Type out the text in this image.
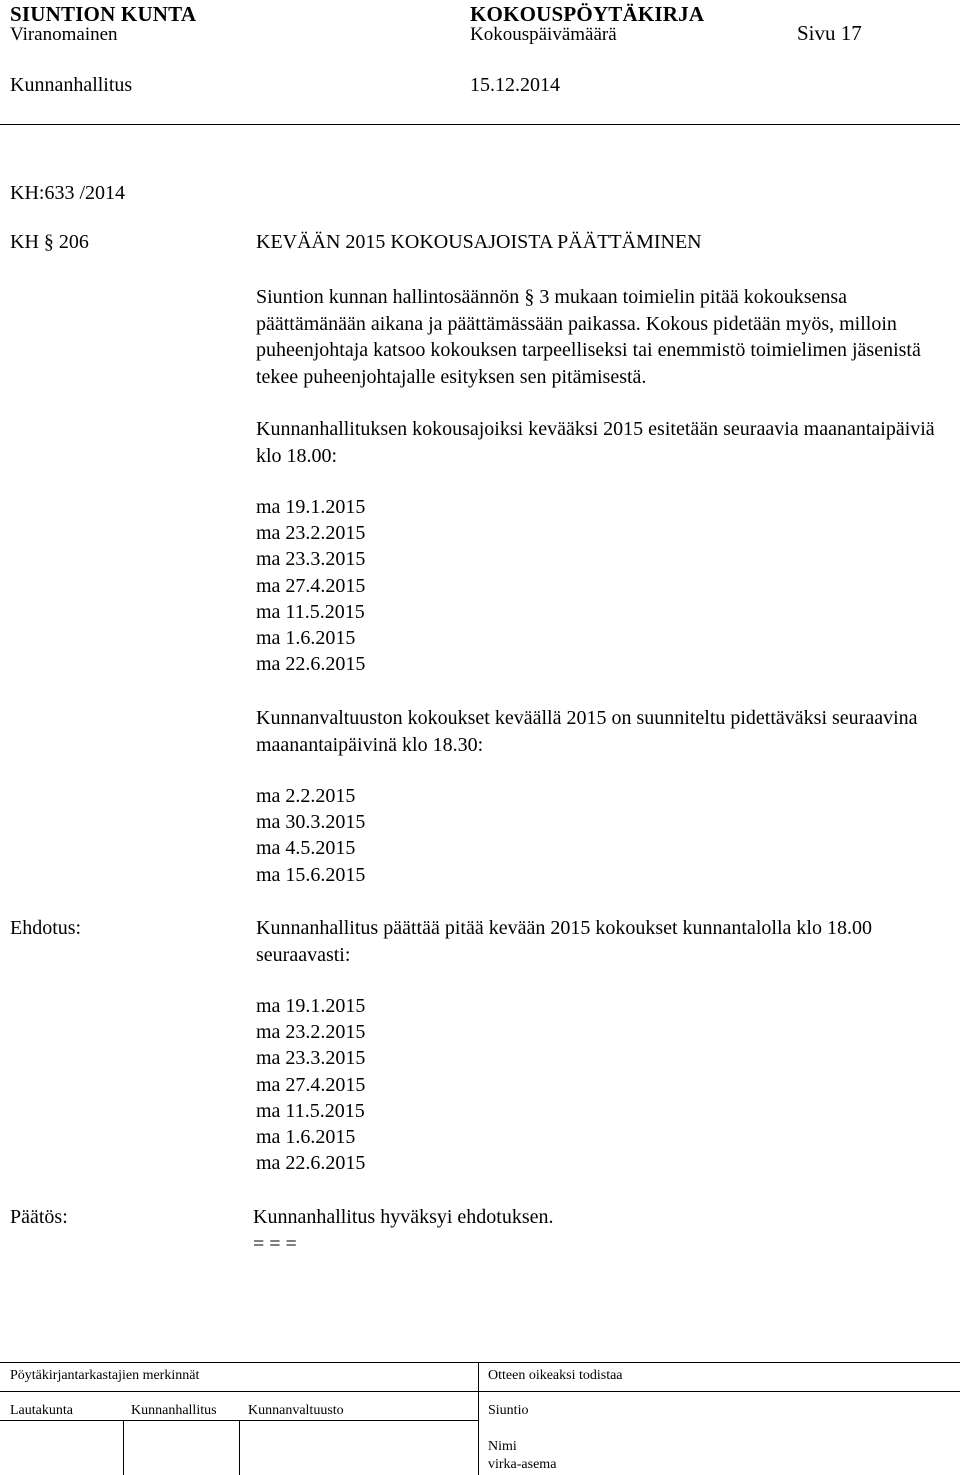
SIUNTION KUNTA	KOKOUSPÖYTÄKIRJA
Viranomainen	Kokouspäivämäärä	Sivu 17
Kunnanhallitus	15.12.2014
KH:633 /2014
KH § 206	KEVÄÄN 2015 KOKOUSAJOISTA PÄÄTTÄMINEN
Siuntion kunnan hallintosäännön § 3 mukaan toimielin pitää kokouksensa päättämänään aikana ja päättämässään paikassa. Kokous pidetään myös, milloin puheenjohtaja katsoo kokouksen tarpeelliseksi tai enemmistö toimielimen jäsenistä tekee puheenjohtajalle esityksen sen pitämisestä.
Kunnanhallituksen kokousajoiksi kevääksi 2015 esitetään seuraavia maanantaipäiviä klo 18.00:
ma 19.1.2015
ma 23.2.2015
ma 23.3.2015
ma 27.4.2015
ma 11.5.2015
ma 1.6.2015
ma 22.6.2015
Kunnanvaltuuston kokoukset keväällä 2015 on suunniteltu pidettäväksi seuraavina maanantaipäivinä klo 18.30:
ma 2.2.2015
ma 30.3.2015
ma 4.5.2015
ma 15.6.2015
Ehdotus:	Kunnanhallitus päättää pitää kevään 2015 kokoukset kunnantalolla klo 18.00 seuraavasti:
ma 19.1.2015
ma 23.2.2015
ma 23.3.2015
ma 27.4.2015
ma 11.5.2015
ma 1.6.2015
ma 22.6.2015
Päätös:	Kunnanhallitus hyväksyi ehdotuksen.
= = =
Pöytäkirjantarkastajien merkinnät	Otteen oikeaksi todistaa
Lautakunta	Kunnanhallitus Kunnanvaltuusto	Siuntio
Nimi
virka-asema
